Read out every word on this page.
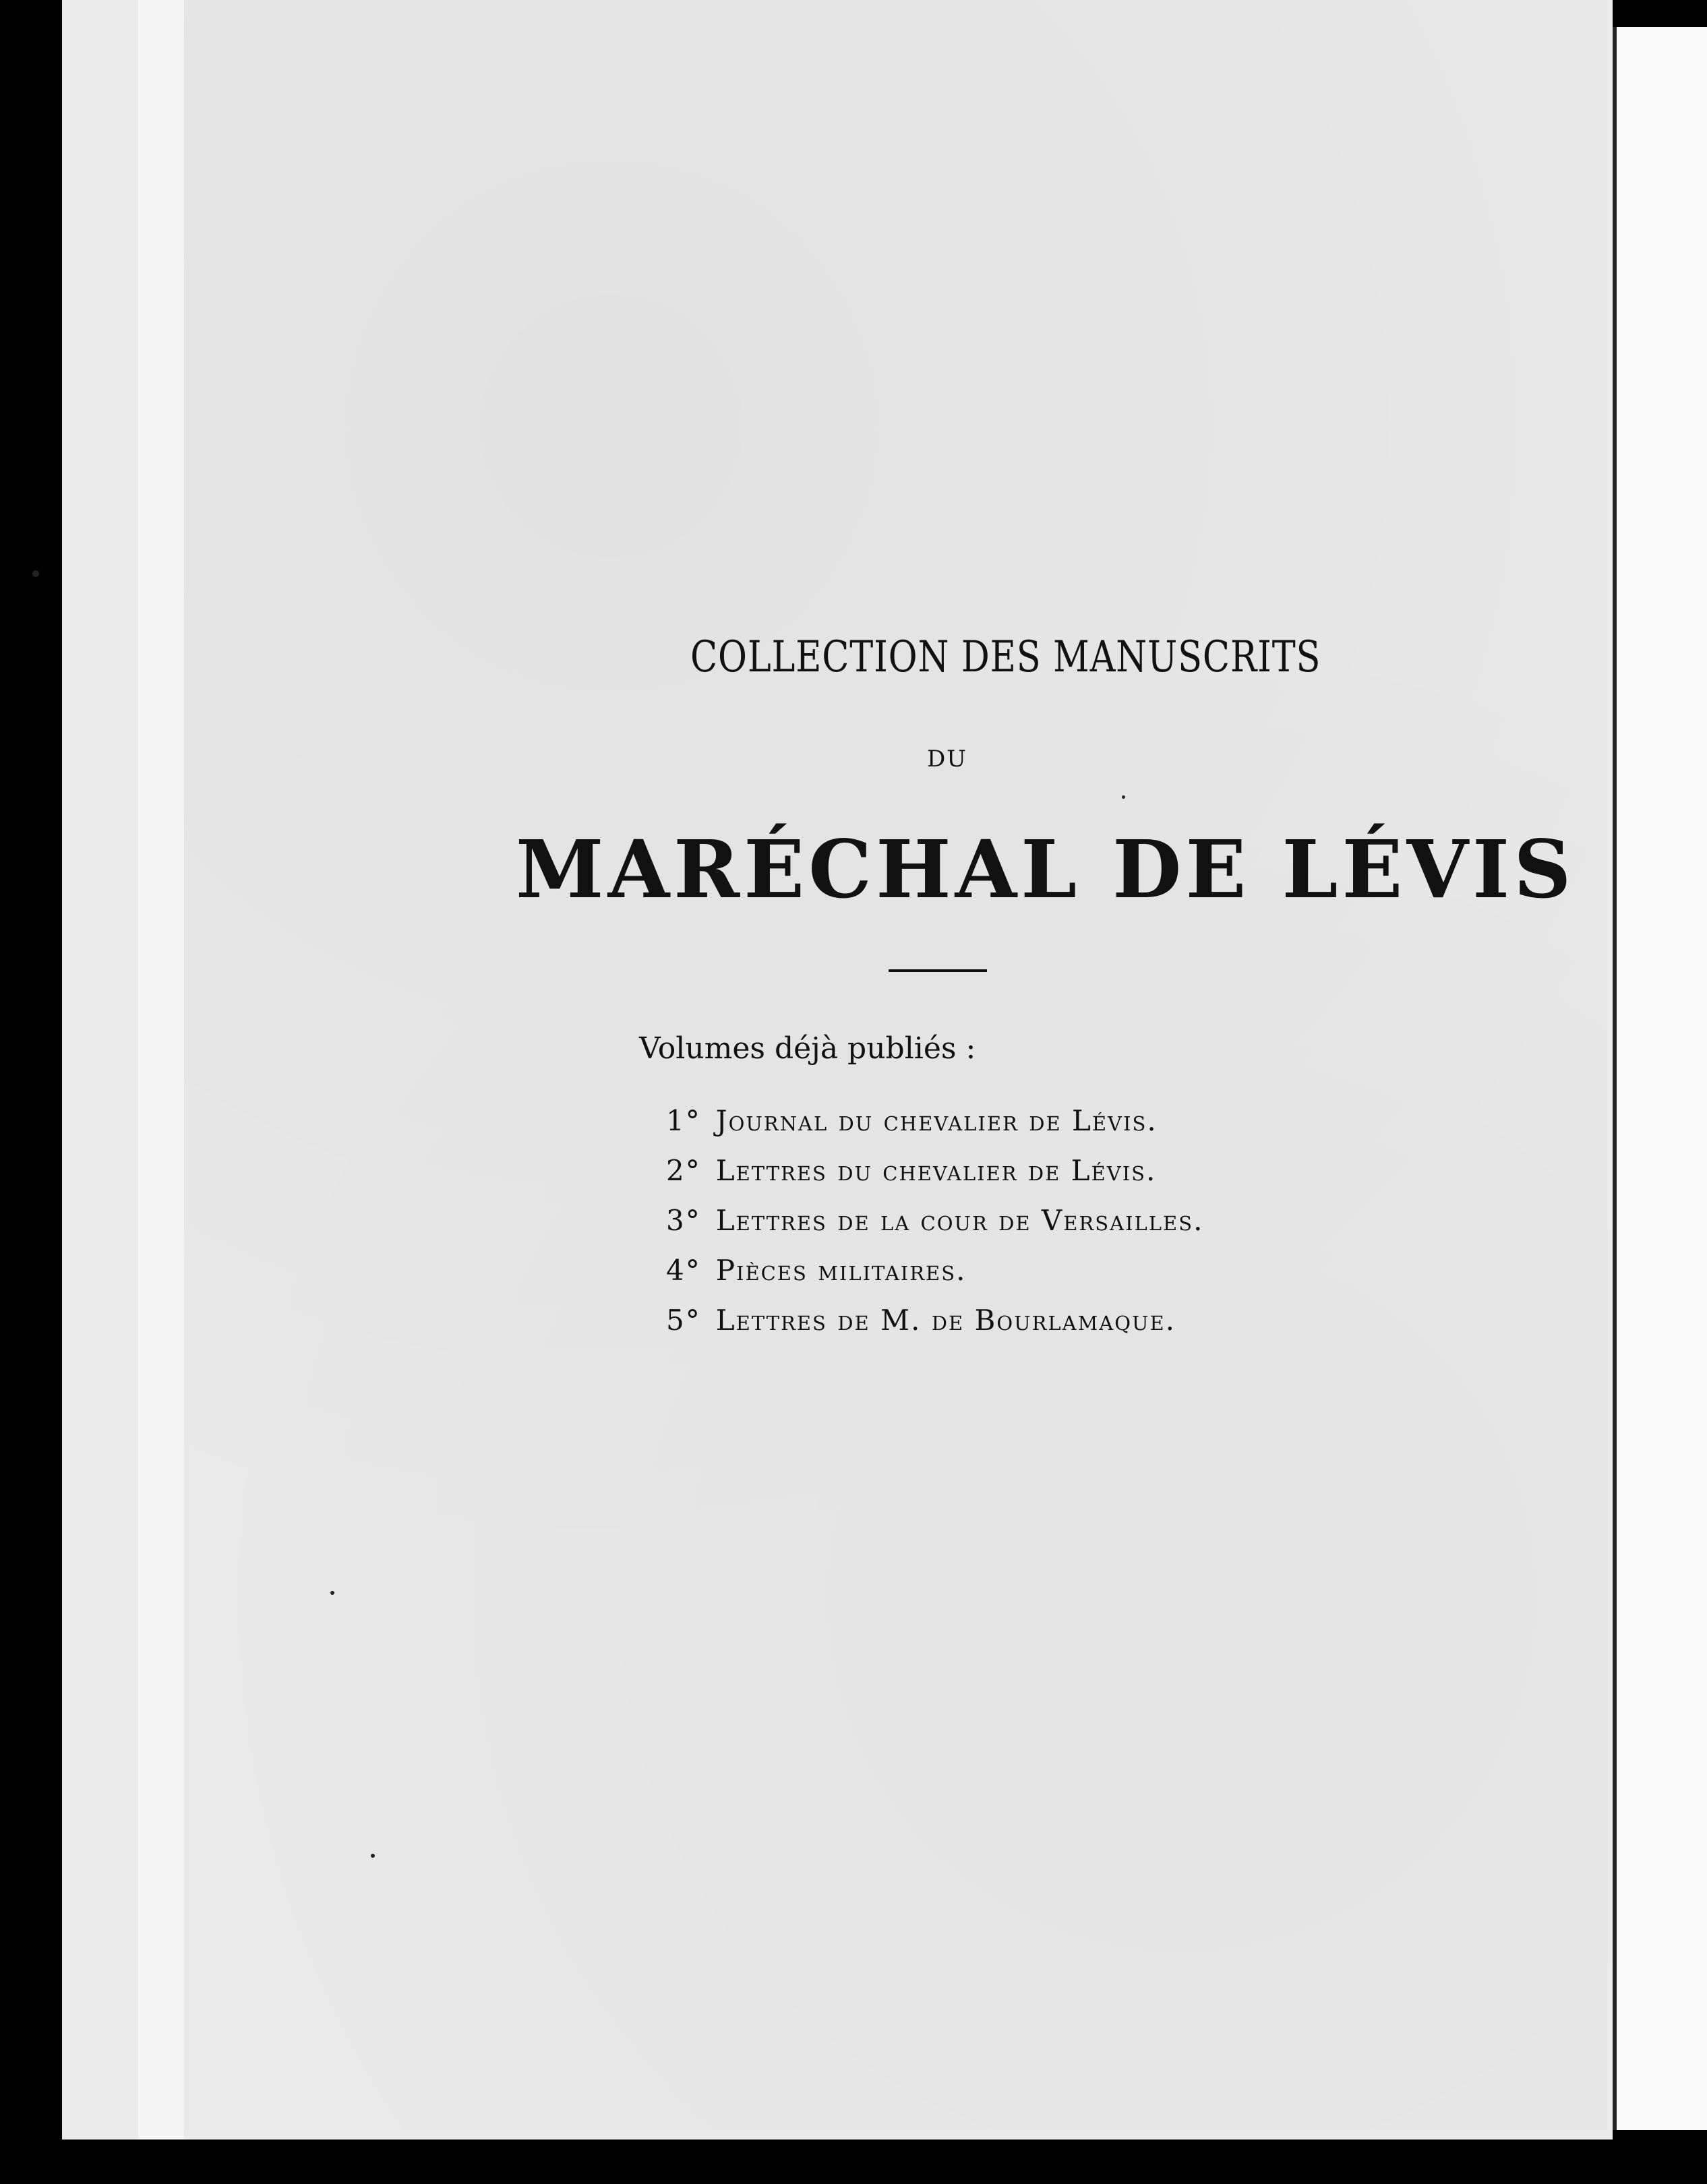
COLLECTION DES MANUSCRITS
DU
MARÉCHAL DE LÉVIS
Volumes déjà publiés :
1° Journal du chevalier de Lévis.
2° Lettres du chevalier de Lévis.
3° Lettres de la cour de Versailles.
4° Pièces militaires.
5° Lettres de M. de Bourlamaque.
